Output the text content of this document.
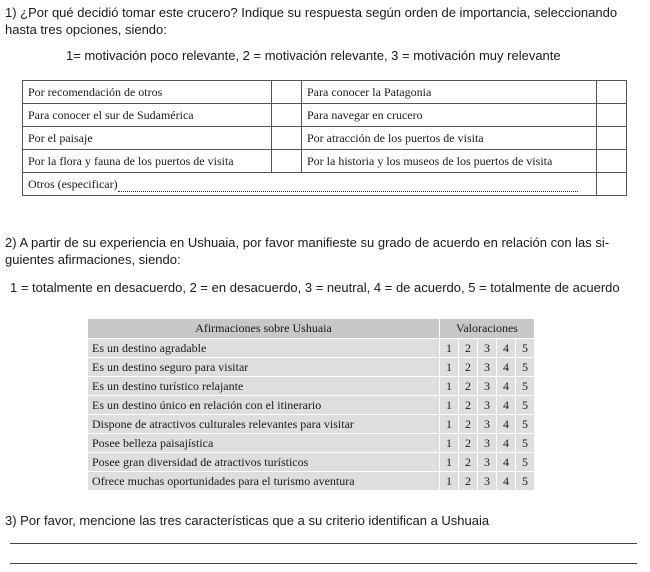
1) ¿Por qué decidió tomar este crucero? Indique su respuesta según orden de importancia, seleccionando hasta tres opciones, siendo:
1= motivación poco relevante, 2 = motivación relevante, 3 = motivación muy relevante
Por recomendación de otros		Para conocer la Patagonia	
Para conocer el sur de Sudamérica		Para navegar en crucero	
Por el paisaje		Por atracción de los puertos de visita	
Por la flora y fauna de los puertos de visita		Por la historia y los museos de los puertos de visita	
Otros (especificar)			
2) A partir de su experiencia en Ushuaia, por favor manifieste su grado de acuerdo en relación con las si-guientes afirmaciones, siendo:
1 = totalmente en desacuerdo, 2 = en desacuerdo, 3 = neutral, 4 = de acuerdo, 5 = totalmente de acuerdo
Afirmaciones sobre Ushuaia	Valoraciones				
Es un destino agradable	1	2	3	4	5
Es un destino seguro para visitar	1	2	3	4	5
Es un destino turístico relajante	1	2	3	4	5
Es un destino único en relación con el itinerario	1	2	3	4	5
Dispone de atractivos culturales relevantes para visitar	1	2	3	4	5
Posee belleza paisajística	1	2	3	4	5
Posee gran diversidad de atractivos turísticos	1	2	3	4	5
Ofrece muchas oportunidades para el turismo aventura	1	2	3	4	5
3) Por favor, mencione las tres características que a su criterio identifican a Ushuaia
